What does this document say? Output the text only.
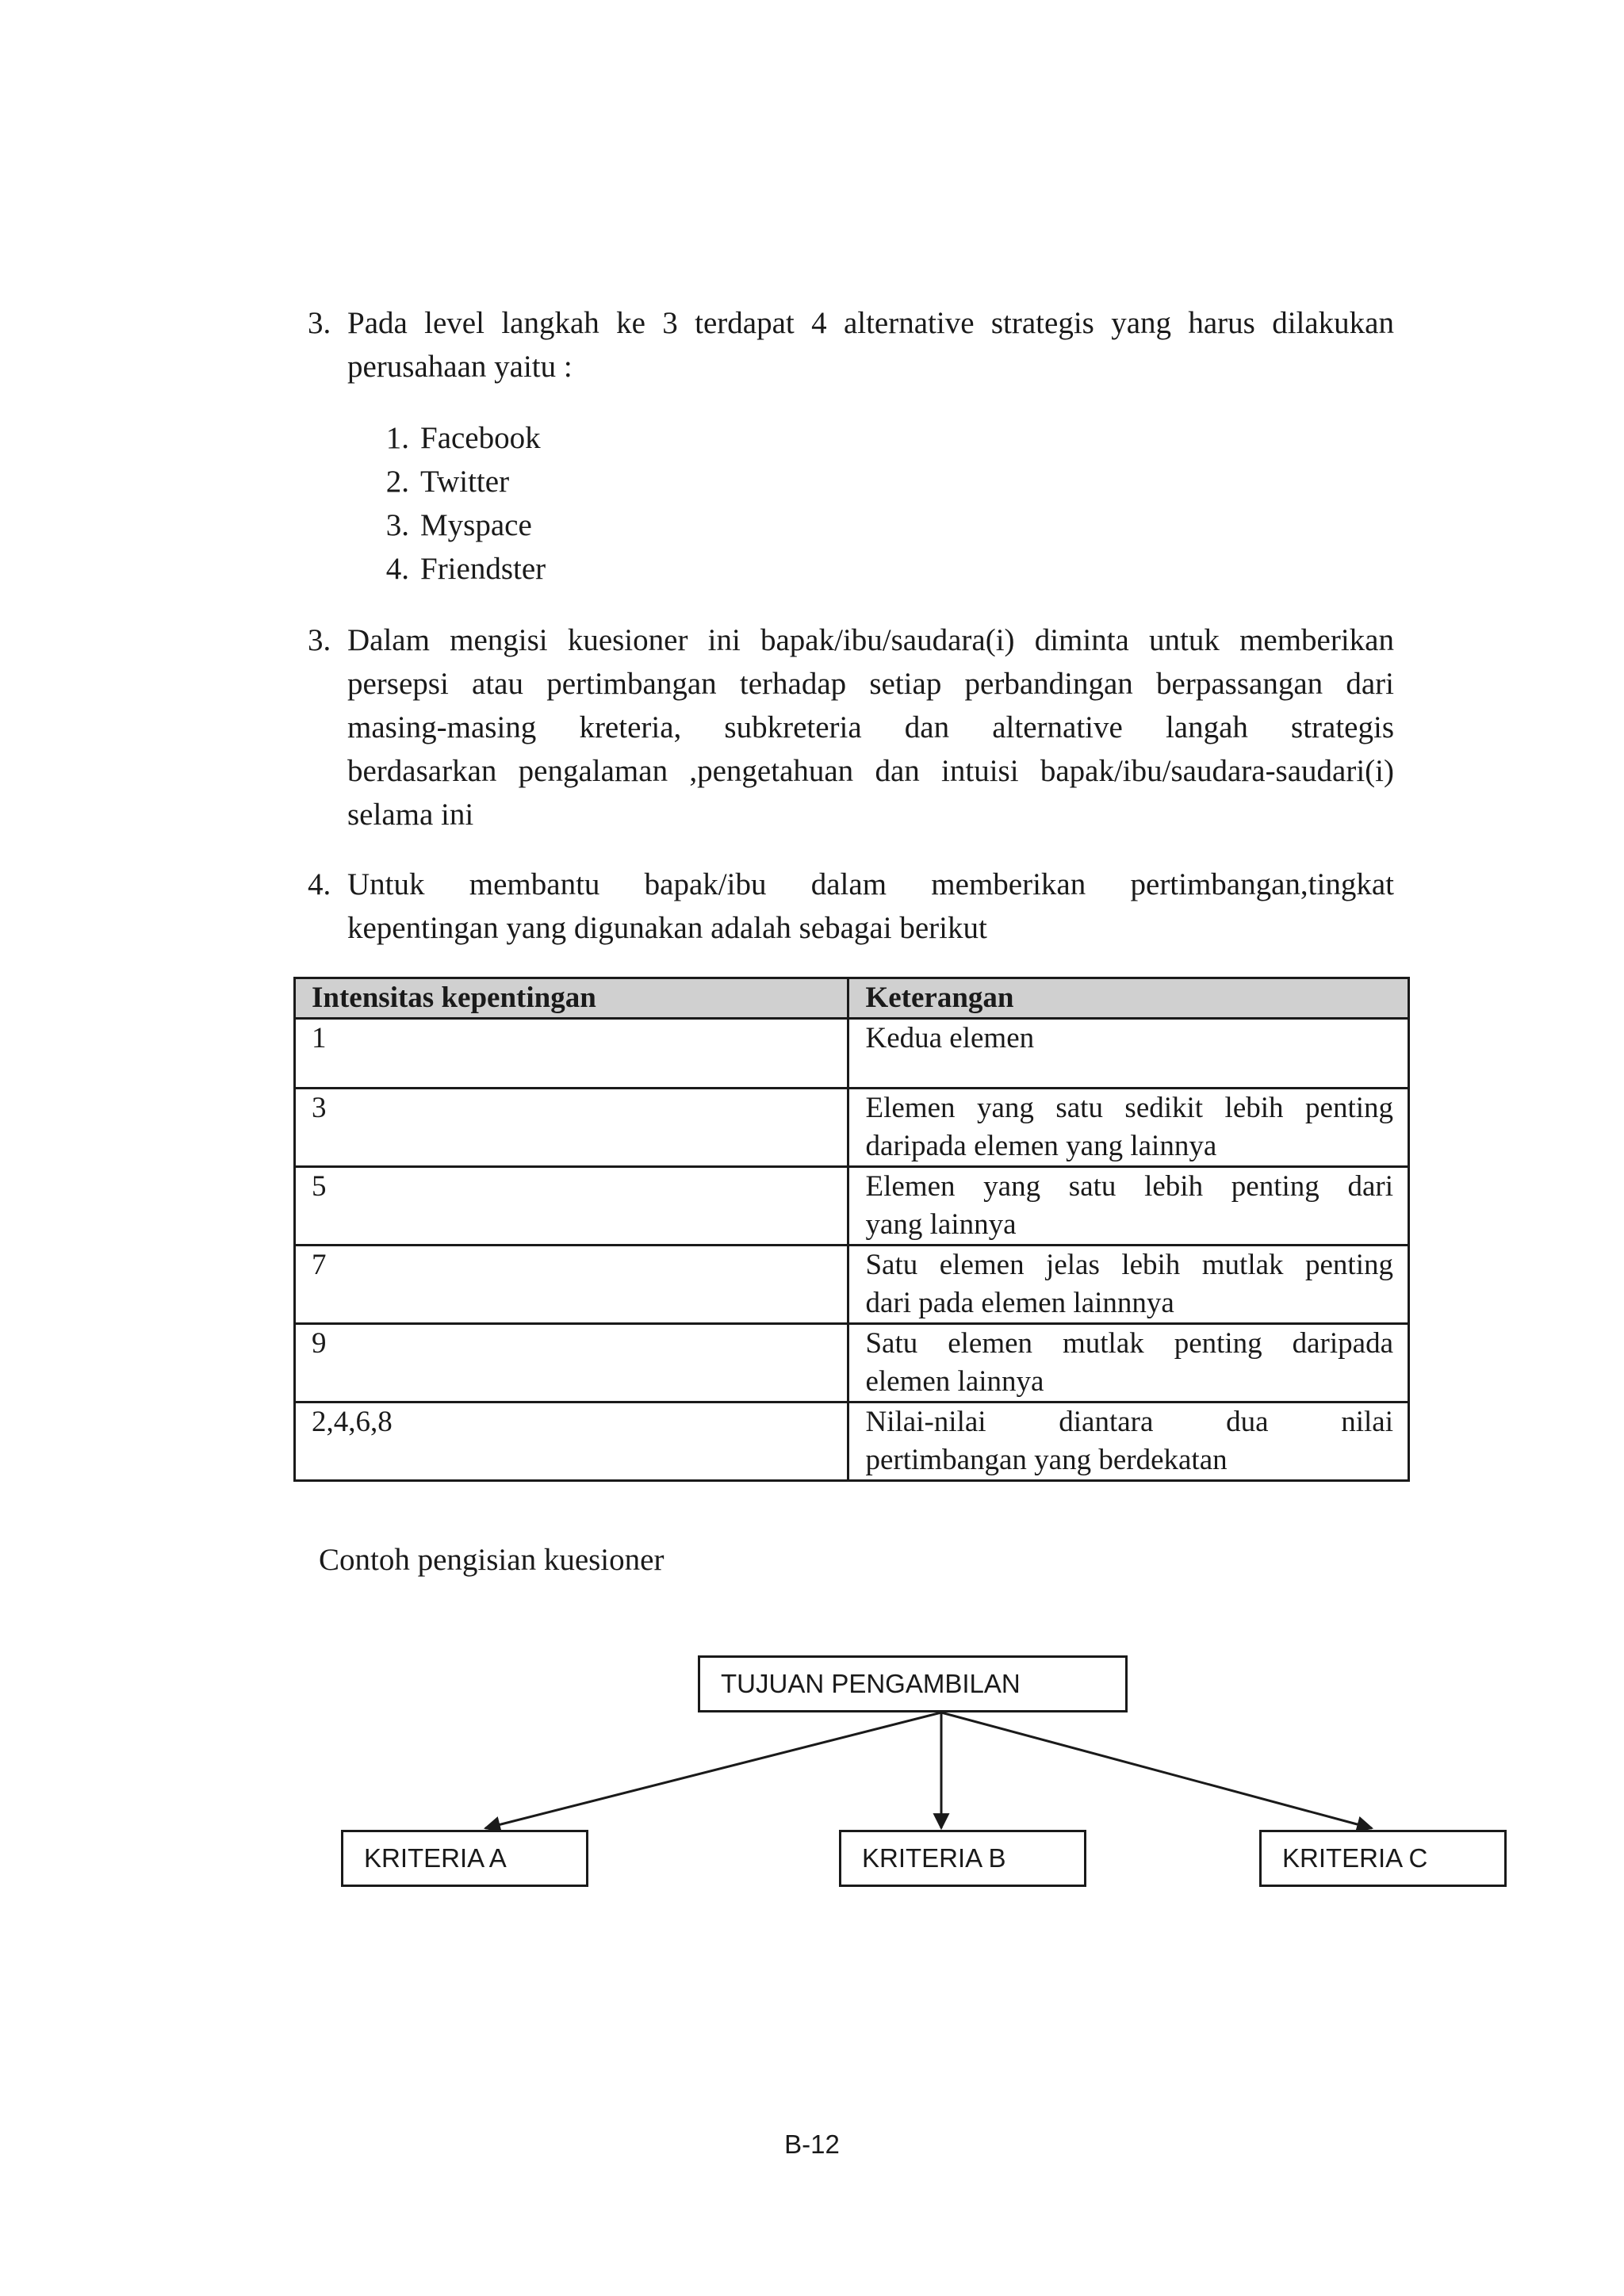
3. Pada level langkah ke 3 terdapat 4 alternative strategis yang harus dilakukan
perusahaan yaitu :
1. Facebook
2. Twitter
3. Myspace
4. Friendster
3. Dalam mengisi kuesioner ini bapak/ibu/saudara(i) diminta untuk memberikan
persepsi atau pertimbangan terhadap setiap perbandingan berpassangan dari
masing-masing kreteria, subkreteria dan alternative langah strategis
berdasarkan pengalaman ,pengetahuan dan intuisi bapak/ibu/saudara-saudari(i)
selama ini
4. Untuk membantu bapak/ibu dalam memberikan pertimbangan,tingkat
kepentingan yang digunakan adalah sebagai berikut
Intensitas kepentingan	Keterangan
1	Kedua elemen

3	Elemen yang satu sedikit lebih penting
daripada elemen yang lainnya

5	Elemen yang satu lebih penting dari
yang lainnya

7	Satu elemen jelas lebih mutlak penting
dari pada elemen lainnnya

9	Satu elemen mutlak penting daripada
elemen lainnya

2,4,6,8	Nilai-nilai diantara dua nilai
pertimbangan yang berdekatan
Contoh pengisian kuesioner
TUJUAN PENGAMBILAN
KRITERIA A	KRITERIA B	KRITERIA C
B-12
